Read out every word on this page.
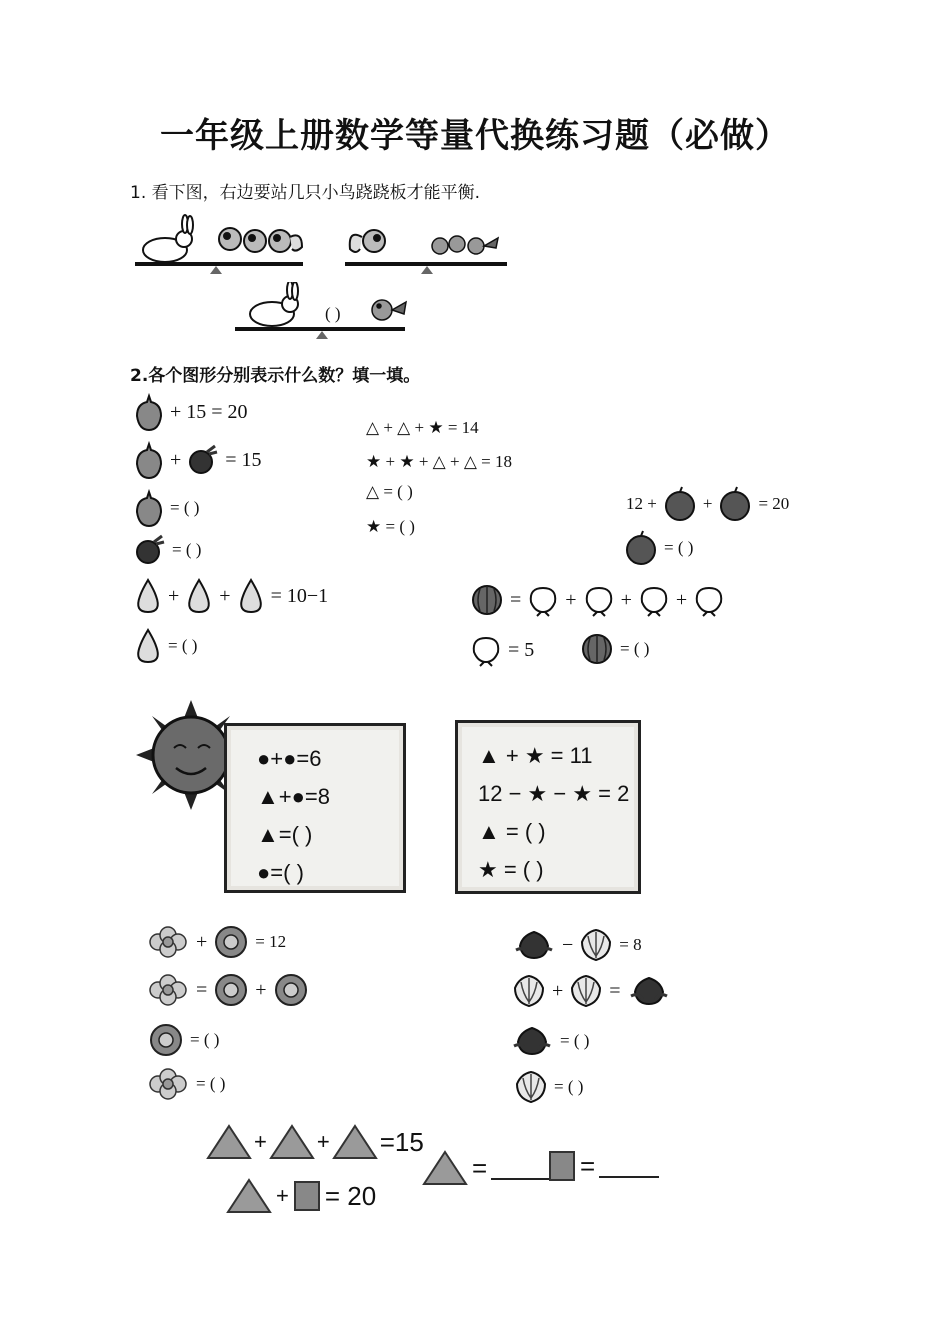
一年级上册数学等量代换练习题（必做）
1. 看下图，右边要站几只小鸟跷跷板才能平衡.
( )
2.各个图形分别表示什么数？填一填。
+ 15 = 20
+ = 15
= ( )
= ( )
△ + △ + ★ = 14
★ + ★ + △ + △ = 18
△ = ( )
★ = ( )
12 +	+	= 20
= ( )
+ + = 10−1
= ( )
= + + +
= 5	= ( )
●+●=6
▲+●=8
▲=( )
●=( )
▲ + ★ = 11
12 − ★ − ★ = 2
▲ = ( )
★ = ( )
+	= 12
= +
= ( )
= ( )
−	= 8
+ =
= ( )
= ( )
+ + =15
+ = 20
=	=
